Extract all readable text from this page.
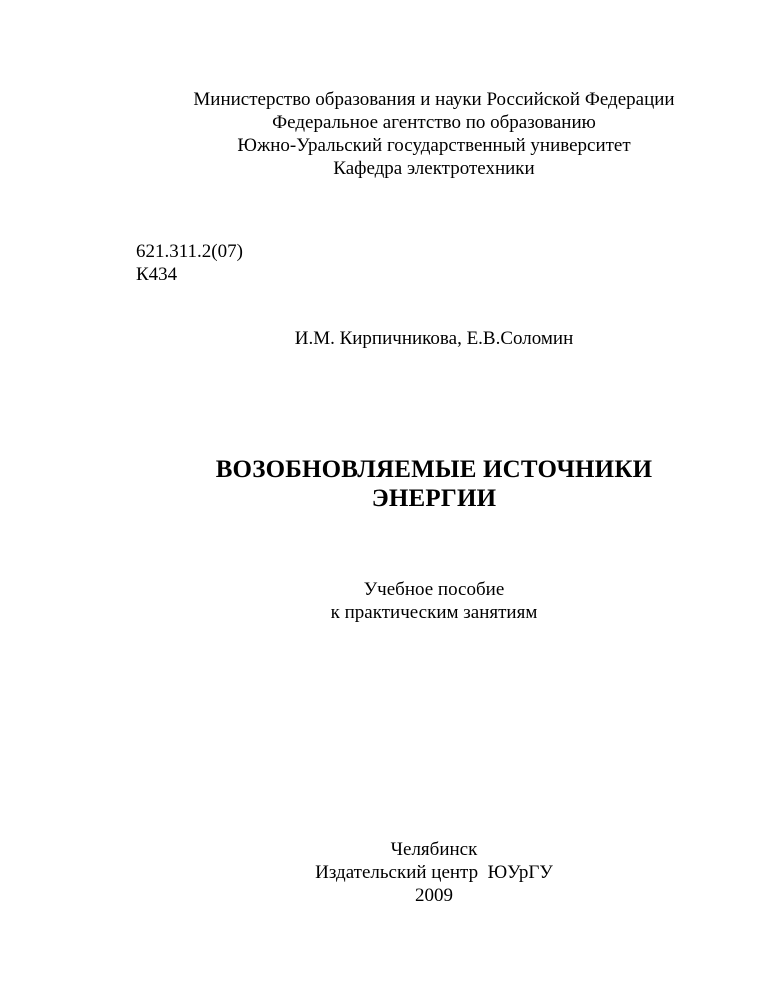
Министерство образования и науки Российской Федерации
Федеральное агентство по образованию
Южно-Уральский государственный университет
Кафедра электротехники
621.311.2(07)
К434
И.М. Кирпичникова, Е.В.Соломин
ВОЗОБНОВЛЯЕМЫЕ ИСТОЧНИКИ
ЭНЕРГИИ
Учебное пособие
к практическим занятиям
Челябинск
Издательский центр  ЮУрГУ
2009
